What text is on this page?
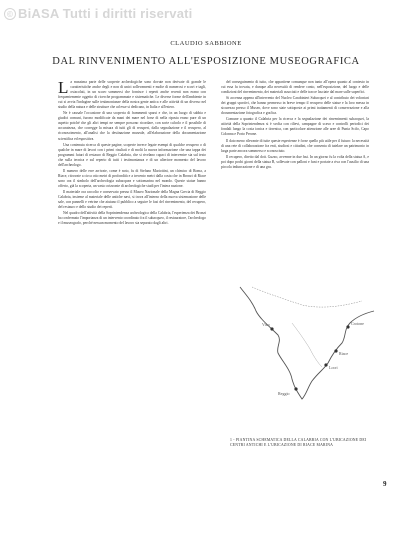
© BiASA Tutti i diritti riservati
CLAUDIO SABBIONE
DAL RINVENIMENTO ALL'ESPOSIZIONE MUSEOGRAFICA

La massima parte delle scoperte archeologiche sono dovute non derivate di grande le caratteristiche anche degli e non di unici sollevamenti e molte di numerosi e scavi e tagli, ostacolati, in un scavo sommersi che fornisce i reperti anche recenti non erano con frequentemente oggetto di ricerche programmate e sistematiche. Le diverse forme dell'ambiente in cui si avvia l'indagine sulle testimonianze della nostra gente antica e alle attività di un diverso nel studio della natura e delle strutture che ad esse si dedicano, in Italia e all'estero.

Ne è causale l'occasione di una scoperta di frammenti sparsi e che, in un luogo di sabbia e giudici comuni, furono modificate da mani dei mare nel forse di nella riposta erano pure di un aspetto poiché che gli altri tempi ne sempre possono ricordare, con sorte calcolo e il possibile di accuratezza, che corregge la misura di tutti gli di recuperi, dalla segnalazione e il recupero, al riconoscimento, all'analisi che la destinazione museale, all'elaborazione della documentazione scientifica ed espositiva.

Una contenuta ricerca di queste pagine, scoperte invece legate esempi di qualche recupero o di qualche in mare di lavori con i primi risultati e di molti la nuova informazione che una tappa dei programmi futuri di restauro di Reggio Calabria, che si rivelano capaci di intervenire sia sul testo che sulla tecnica e sul reperto di tutti i testimonianza e di un ulteriore momento del lavoro dell'archeologo.

Il numero delle erre arrivate, come è noto, fu di Stefano Mariottini, un chimico di Roma, a Riace, ritrovate a circa otto metri di profondità e a trecento metri dalla costa che in Bronzi di Riace sono ora il simbolo dell'archeologia subacquea e sottomarina nel mondo. Queste statue hanno offerto, già la scoperta, un vasto orizzonte di archeologiche studi per l'intera nazione.

Il materiale ora raccolto e conservato presso il Museo Nazionale della Magna Grecia di Reggio Calabria, insieme al materiale delle antiche navi, si trova all'interno della nuova sistemazione delle sale, con pannelli e vetrine che aiutano il pubblico a seguire le fasi del rinvenimento, del recupero, del restauro e dello studio dei reperti.

Nel quadro dell'attività della Soprintendenza archeologica della Calabria, l'esperienza dei Bronzi ha confermato l'importanza di un intervento coordinato fra il subacqueo, il restauratore, l'archeologo e il museografo, perché nessun momento del lavoro sia separato dagli altri.

del conseguimento di tutto, che appartiene comunque non tanto all'opera quanto al contesto in cui essa fu trovata, e dunque alla necessità di rendere conto, nell'esposizione, del luogo e delle condizioni del rinvenimento, dei materiali associati e delle tracce lasciate dal mare sulle superfici.

Si accenna appena all'intervento del Nucleo Carabinieri Subacquei e al contributo dei volontari dei gruppi sportivi, che hanno permesso in breve tempo il recupero delle statue e la loro messa in sicurezza presso il Museo, dove sono state sottoposte ai primi trattamenti di conservazione e alla documentazione fotografica e grafica.

Comune a quanto il Calabria per la ricerca e la segnalazione dei rinvenimenti subacquei, la attività della Soprintendenza si è svolta con rilievi, campagne di scavo e controlli periodici dei fondali lungo la costa ionica e tirrenica, con particolare attenzione alle aree di Punta Scifo, Capo Colonna e Porto Perone.

Il dato meno rilevante di tutte queste esperienze è forse quello più utile per il futuro: la necessità di una rete di collaborazione fra enti, studiosi e cittadini, che consenta di tutelare un patrimonio in larga parte ancora sommerso e sconosciuto.

Il recupero, diretto dal dott. Guzzo, avvenne in due fasi. In un giorno fu la volta della statua A, e poi dopo pochi giorni della statua B, sollevate con palloni e funi e portate a riva con l'ausilio di una piccola imbarcazione e di una gru.

Vibo	Crotone
Locri
Reggio
Riace
1 - PIANTINA SCHEMATICA DELLA CALABRIA CON L'UBICAZIONE DEI CENTRI ANTICHI E L'UBICAZIONE DI RIACE MARINA
9
